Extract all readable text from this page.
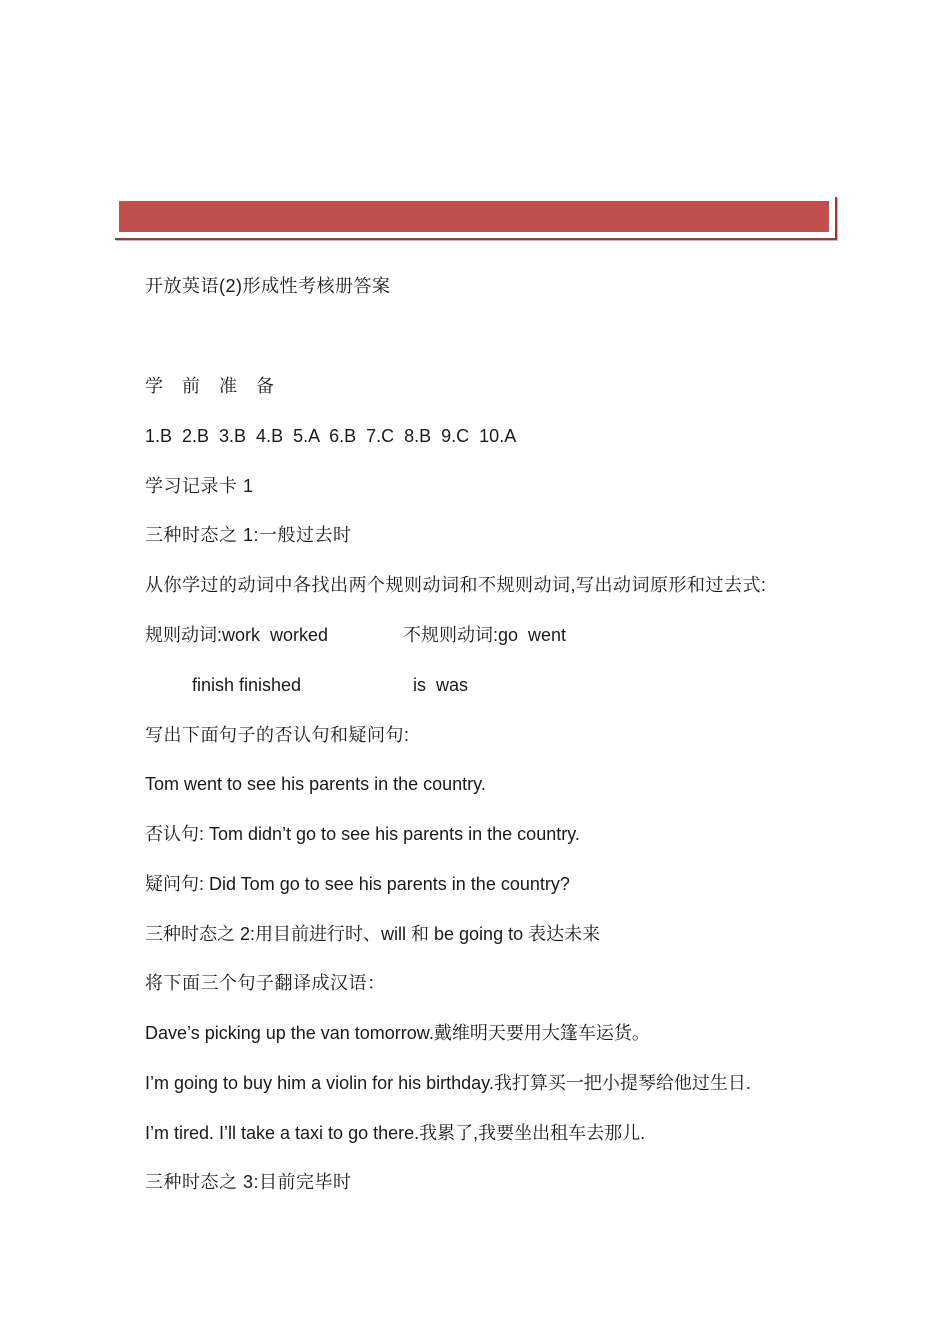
开放英语(2)形成性考核册答案
学 前 准 备
1.B  2.B  3.B  4.B  5.A  6.B  7.C  8.B  9.C  10.A
学习记录卡 1
三种时态之 1:一般过去时
从你学过的动词中各找出两个规则动词和不规则动词,写出动词原形和过去式:
规则动词:work  worked	不规则动词:go  went
finish finished	is  was
写出下面句子的否认句和疑问句:
Tom went to see his parents in the country.
否认句: Tom didn’t go to see his parents in the country.
疑问句: Did Tom go to see his parents in the country?
三种时态之 2:用目前进行时、will 和 be going to 表达未来
将下面三个句子翻译成汉语：
Dave’s picking up the van tomorrow.戴维明天要用大篷车运货。
I’m going to buy him a violin for his birthday.我打算买一把小提琴给他过生日.
I’m tired. I’ll take a taxi to go there.我累了,我要坐出租车去那儿.
三种时态之 3:目前完毕时
